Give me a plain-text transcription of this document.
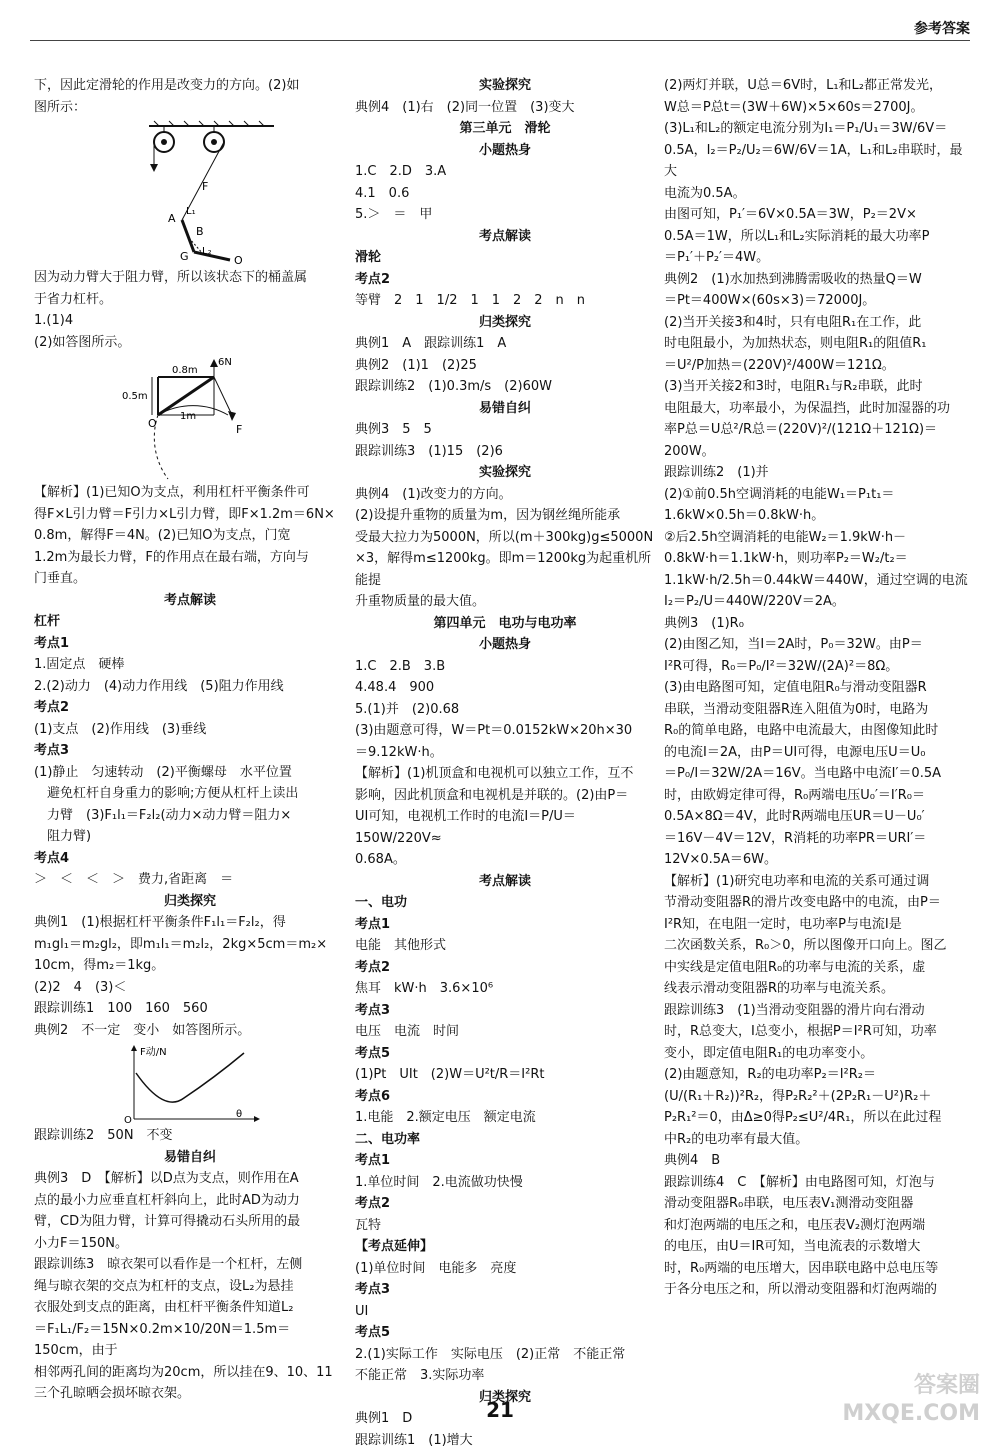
参考答案

下，因此定滑轮的作用是改变力的方向。(2)如

图所示：

F
A
L₁
B
G L₂
O

因为动力臂大于阻力臂，所以该状态下的桶盖属

于省力杠杆。

1.(1)4

(2)如答图所示。

6N
0.8m
0.5m
1m
O	F

【解析】(1)已知O为支点，利用杠杆平衡条件可

得F×L引力臂＝F引力×L引力臂，即F×1.2m＝6N×

0.8m，解得F＝4N。(2)已知O为支点，门宽

1.2m为最长力臂，F的作用点在最右端，方向与

门垂直。

考点解读

杠杆

考点1

1.固定点　硬棒

2.(2)动力　(4)动力作用线　(5)阻力作用线

考点2

(1)支点　(2)作用线　(3)垂线

考点3

(1)静止　匀速转动　(2)平衡螺母　水平位置

　避免杠杆自身重力的影响;方便从杠杆上读出

　力臂　(3)F₁l₁＝F₂l₂(动力×动力臂＝阻力×

　阻力臂)

考点4

＞　＜　＜　＞　费力,省距离　＝

归类探究

典例1　(1)根据杠杆平衡条件F₁l₁＝F₂l₂，得

m₁gl₁＝m₂gl₂，即m₁l₁＝m₂l₂，2kg×5cm＝m₂×

10cm，得m₂＝1kg。

(2)2　4　(3)＜

跟踪训练1　100　160　560

典例2　不一定　变小　如答图所示。

F动/N
θ
O

跟踪训练2　50N　不变

易错自纠

典例3　D　【解析】以D点为支点，则作用在A

点的最小力应垂直杠杆斜向上，此时AD为动力

臂，CD为阻力臂，计算可得撬动石头所用的最

小力F＝150N。

跟踪训练3　晾衣架可以看作是一个杠杆，左侧

绳与晾衣架的交点为杠杆的支点，设L₂为悬挂

衣服处到支点的距离，由杠杆平衡条件知道L₂

＝F₁L₁/F₂＝15N×0.2m×10/20N＝1.5m＝150cm，由于

相邻两孔间的距离均为20cm，所以挂在9、10、11

三个孔晾晒会损坏晾衣架。

实验探究

典例4　(1)右　(2)同一位置　(3)变大

第三单元　滑轮

小题热身

1.C　2.D　3.A

4.1　0.6

5.＞　＝　甲

考点解读

滑轮

考点2

等臂　2　1　1/2　1　1　2　2　n　n

归类探究

典例1　A　跟踪训练1　A

典例2　(1)1　(2)25

跟踪训练2　(1)0.3m/s　(2)60W

易错自纠

典例3　5　5

跟踪训练3　(1)15　(2)6

实验探究

典例4　(1)改变力的方向。

(2)设提升重物的质量为m，因为钢丝绳所能承

受最大拉力为5000N，所以(m＋300kg)g≤5000N

×3，解得m≤1200kg。即m＝1200kg为起重机所能提

升重物质量的最大值。

第四单元　电功与电功率

小题热身

1.C　2.B　3.B

4.48.4　900

5.(1)并　(2)0.68

(3)由题意可得，W＝Pt＝0.0152kW×20h×30

＝9.12kW·h。

【解析】(1)机顶盒和电视机可以独立工作，互不

影响，因此机顶盒和电视机是并联的。(2)由P＝

UI可知，电视机工作时的电流I＝P/U＝150W/220V≈

0.68A。

考点解读

一、电功

考点1

电能　其他形式

考点2

焦耳　kW·h　3.6×10⁶

考点3

电压　电流　时间

考点5

(1)Pt　UIt　(2)W＝U²t/R＝I²Rt

考点6

1.电能　2.额定电压　额定电流

二、电功率

考点1

1.单位时间　2.电流做功快慢

考点2

瓦特

【考点延伸】

(1)单位时间　电能多　亮度

考点3

UI

考点5

2.(1)实际工作　实际电压　(2)正常　不能正常

不能正常　3.实际功率

归类探究

典例1　D

跟踪训练1　(1)增大

(2)两灯并联，U总＝6V时，L₁和L₂都正常发光，

W总＝P总t＝(3W＋6W)×5×60s＝2700J。

(3)L₁和L₂的额定电流分别为I₁＝P₁/U₁＝3W/6V＝

0.5A，I₂＝P₂/U₂＝6W/6V＝1A，L₁和L₂串联时，最大

电流为0.5A。

由图可知，P₁′＝6V×0.5A＝3W，P₂＝2V×

0.5A＝1W，所以L₁和L₂实际消耗的最大功率P

＝P₁′＋P₂′＝4W。

典例2　(1)水加热到沸腾需吸收的热量Q＝W

＝Pt＝400W×(60s×3)＝72000J。

(2)当开关接3和4时，只有电阻R₁在工作，此

时电阻最小，为加热状态，则电阻R₁的阻值R₁

＝U²/P加热＝(220V)²/400W＝121Ω。

(3)当开关接2和3时，电阻R₁与R₂串联，此时

电阻最大，功率最小，为保温挡，此时加湿器的功

率P总＝U总²/R总＝(220V)²/(121Ω＋121Ω)＝200W。

跟踪训练2　(1)并

(2)①前0.5h空调消耗的电能W₁＝P₁t₁＝

1.6kW×0.5h＝0.8kW·h。

②后2.5h空调消耗的电能W₂＝1.9kW·h－

0.8kW·h＝1.1kW·h，则功率P₂＝W₂/t₂＝

1.1kW·h/2.5h＝0.44kW＝440W，通过空调的电流

I₂＝P₂/U＝440W/220V＝2A。

典例3　(1)R₀

(2)由图乙知，当I＝2A时，P₀＝32W。由P＝

I²R可得，R₀＝P₀/I²＝32W/(2A)²＝8Ω。

(3)由电路图可知，定值电阻R₀与滑动变阻器R

串联，当滑动变阻器R连入阻值为0时，电路为

R₀的简单电路，电路中电流最大，由图像知此时

的电流I＝2A，由P＝UI可得，电源电压U＝U₀

＝P₀/I＝32W/2A＝16V。当电路中电流I′＝0.5A

时，由欧姆定律可得，R₀两端电压U₀′＝I′R₀＝

0.5A×8Ω＝4V，此时R两端电压UR＝U－U₀′

＝16V－4V＝12V，R消耗的功率PR＝URI′＝

12V×0.5A＝6W。

【解析】(1)研究电功率和电流的关系可通过调

节滑动变阻器R的滑片改变电路中的电流，由P＝

I²R知，在电阻一定时，电功率P与电流I是

二次函数关系，R₀＞0，所以图像开口向上。图乙

中实线是定值电阻R₀的功率与电流的关系，虚

线表示滑动变阻器R的功率与电流关系。

跟踪训练3　(1)当滑动变阻器的滑片向右滑动

时，R总变大，I总变小，根据P＝I²R可知，功率

变小，即定值电阻R₁的电功率变小。

(2)由题意知，R₂的电功率P₂＝I²R₂＝

(U/(R₁＋R₂))²R₂，得P₂R₂²＋(2P₂R₁－U²)R₂＋

P₂R₁²＝0，由Δ≥0得P₂≤U²/4R₁，所以在此过程

中R₂的电功率有最大值。

典例4　B

跟踪训练4　C　【解析】由电路图可知，灯泡与

滑动变阻器R₀串联，电压表V₁测滑动变阻器

和灯泡两端的电压之和，电压表V₂测灯泡两端

的电压，由U＝IR可知，当电流表的示数增大

时，R₀两端的电压增大，因串联电路中总电压等

于各分电压之和，所以滑动变阻器和灯泡两端的

21
答案圈 MXQE.COM
